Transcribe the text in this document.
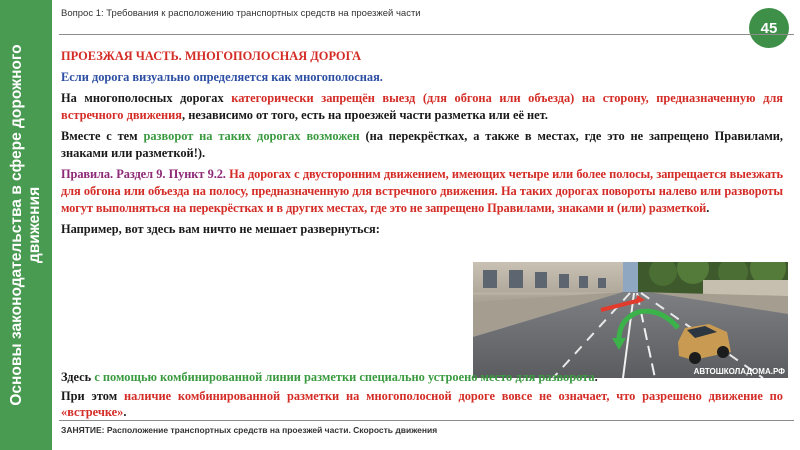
Основы законодательства в сфере дорожного движения
Вопрос 1: Требования к расположению транспортных средств на проезжей части
45

ПРОЕЗЖАЯ ЧАСТЬ. МНОГОПОЛОСНАЯ ДОРОГА

Если дорога визуально определяется как многополосная.

На многополосных дорогах категорически запрещён выезд (для обгона или объезда) на сторону, предназначенную для встречного движения, независимо от того, есть на проезжей части разметка или её нет.

Вместе с тем разворот на таких дорогах возможен (на перекрёстках, а также в местах, где это не запрещено Правилами, знаками или разметкой!).

Правила. Раздел 9. Пункт 9.2. На дорогах с двусторонним движением, имеющих четыре или более полосы, запрещается выезжать для обгона или объезда на полосу, предназначенную для встречного движения. На таких дорогах повороты налево или развороты могут выполняться на перекрёстках и в других местах, где это не запрещено Правилами, знаками и (или) разметкой.

Например, вот здесь вам ничто не мешает развернуться:

АВТОШКОЛАДОМА.РФ

Здесь с помощью комбинированной линии разметки специально устроено место для разворота.

При этом наличие комбинированной разметки на многополосной дороге вовсе не означает, что разрешено движение по «встречке».

ЗАНЯТИЕ: Расположение транспортных средств на проезжей части. Скорость движения
